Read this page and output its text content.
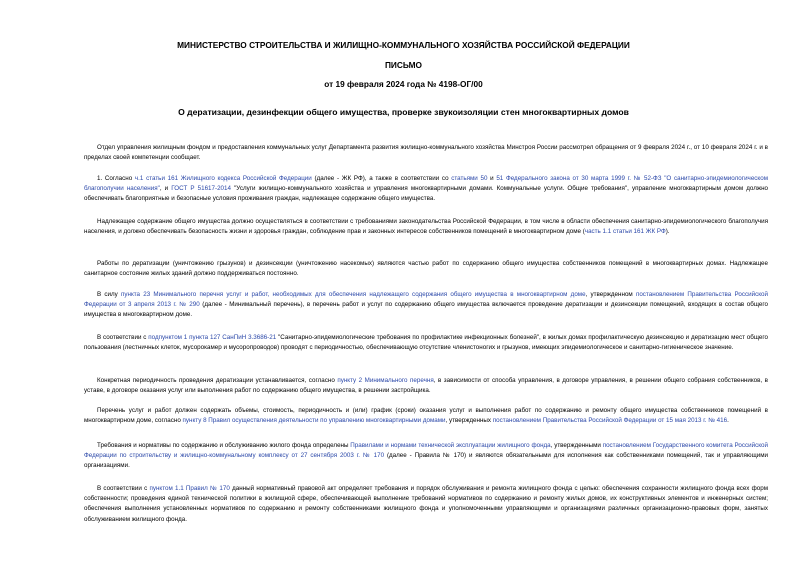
МИНИСТЕРСТВО СТРОИТЕЛЬСТВА И ЖИЛИЩНО-КОММУНАЛЬНОГО ХОЗЯЙСТВА РОССИЙСКОЙ ФЕДЕРАЦИИ
ПИСЬМО
от 19 февраля 2024 года № 4198-ОГ/00
О дератизации, дезинфекции общего имущества, проверке звукоизоляции стен многоквартирных домов

Отдел управления жилищным фондом и предоставления коммунальных услуг Департамента развития жилищно-коммунального хозяйства Минстроя России рассмотрел обращения от 9 февраля 2024 г., от 10 февраля 2024 г. и в пределах своей компетенции сообщает.

1. Согласно ч.1 статьи 161 Жилищного кодекса Российской Федерации (далее - ЖК РФ), а также в соответствии со статьями 50 и 51 Федерального закона от 30 марта 1999 г. № 52-ФЗ "О санитарно-эпидемиологическом благополучии населения", и ГОСТ Р 51617-2014 "Услуги жилищно-коммунального хозяйства и управления многоквартирными домами. Коммунальные услуги. Общие требования", управление многоквартирным домом должно обеспечивать благоприятные и безопасные условия проживания граждан, надлежащее содержание общего имущества.

Надлежащее содержание общего имущества должно осуществляться в соответствии с требованиями законодательства Российской Федерации, в том числе в области обеспечения санитарно-эпидемиологического благополучия населения, и должно обеспечивать безопасность жизни и здоровья граждан, соблюдение прав и законных интересов собственников помещений в многоквартирном доме (часть 1.1 статьи 161 ЖК РФ).

Работы по дератизации (уничтожению грызунов) и дезинсекции (уничтожению насекомых) являются частью работ по содержанию общего имущества собственников помещений в многоквартирных домах. Надлежащее санитарное состояние жилых зданий должно поддерживаться постоянно.

В силу пункта 23 Минимального перечня услуг и работ, необходимых для обеспечения надлежащего содержания общего имущества в многоквартирном доме, утвержденном постановлением Правительства Российской Федерации от 3 апреля 2013 г. № 290 (далее - Минимальный перечень), в перечень работ и услуг по содержанию общего имущества включается проведение дератизации и дезинсекции помещений, входящих в состав общего имущества в многоквартирном доме.

В соответствии с подпунктом 1 пункта 127 СанПиН 3.3686-21 "Санитарно-эпидемиологические требования по профилактике инфекционных болезней", в жилых домах профилактическую дезинсекцию и дератизацию мест общего пользования (лестничных клеток, мусорокамер и мусоропроводов) проводят с периодичностью, обеспечивающую отсутствие членистоногих и грызунов, имеющих эпидемиологическое и санитарно-гигиеническое значение.

Конкретная периодичность проведения дератизации устанавливается, согласно пункту 2 Минимального перечня, в зависимости от способа управления, в договоре управления, в решении общего собрания собственников, в уставе, в договоре оказания услуг или выполнения работ по содержанию общего имущества, в решении застройщика.

Перечень услуг и работ должен содержать объемы, стоимость, периодичность и (или) график (сроки) оказания услуг и выполнения работ по содержанию и ремонту общего имущества собственников помещений в многоквартирном доме, согласно пункту 8 Правил осуществления деятельности по управлению многоквартирными домами, утвержденных постановлением Правительства Российской Федерации от 15 мая 2013 г. № 416.

Требования и нормативы по содержанию и обслуживанию жилого фонда определены Правилами и нормами технической эксплуатации жилищного фонда, утвержденными постановлением Государственного комитета Российской Федерации по строительству и жилищно-коммунальному комплексу от 27 сентября 2003 г. № 170 (далее - Правила № 170) и являются обязательными для исполнения как собственниками помещений, так и управляющими организациями.

В соответствии с пунктом 1.1 Правил № 170 данный нормативный правовой акт определяет требования и порядок обслуживания и ремонта жилищного фонда с целью: обеспечения сохранности жилищного фонда всех форм собственности; проведения единой технической политики в жилищной сфере, обеспечивающей выполнение требований нормативов по содержанию и ремонту жилых домов, их конструктивных элементов и инженерных систем; обеспечения выполнения установленных нормативов по содержанию и ремонту собственниками жилищного фонда и уполномоченными управляющими и организациями различных организационно-правовых форм, занятых обслуживанием жилищного фонда.
